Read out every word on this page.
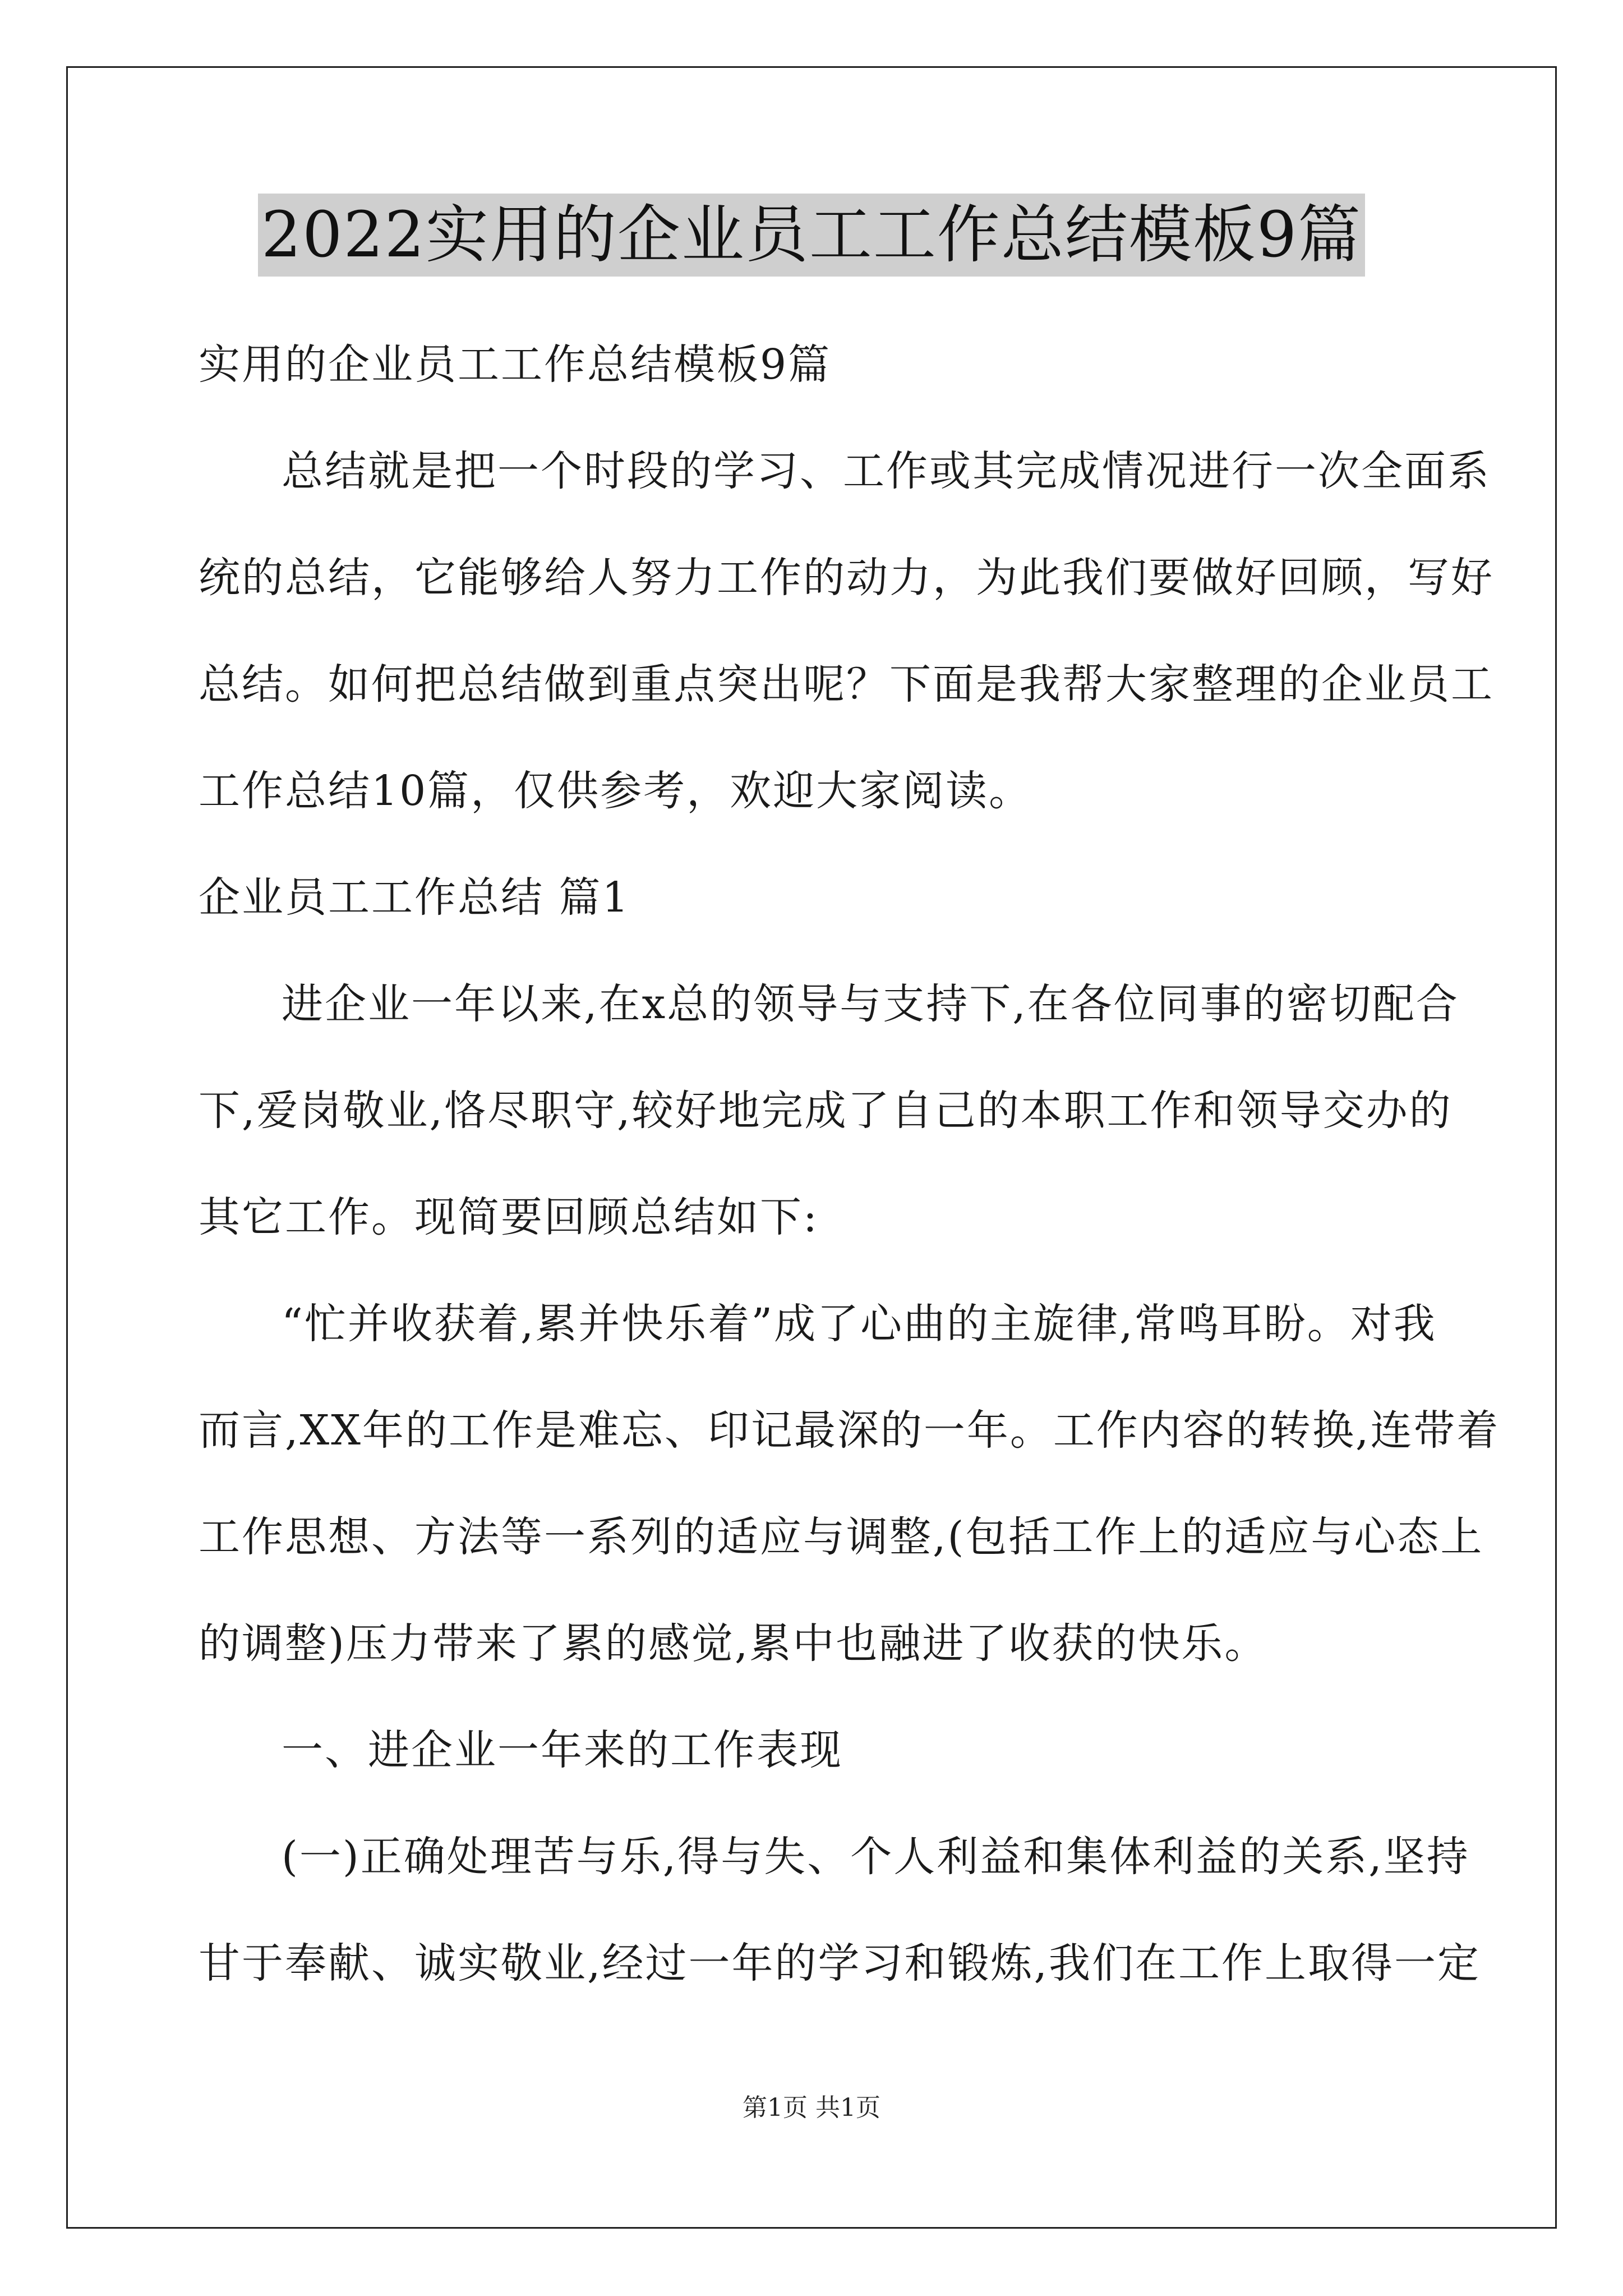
2022实用的企业员工工作总结模板9篇
实用的企业员工工作总结模板9篇
总结就是把一个时段的学习、工作或其完成情况进行一次全面系
统的总结，它能够给人努力工作的动力，为此我们要做好回顾，写好
总结。如何把总结做到重点突出呢？下面是我帮大家整理的企业员工
工作总结10篇，仅供参考，欢迎大家阅读。
企业员工工作总结 篇1
进企业一年以来,在x总的领导与支持下,在各位同事的密切配合
下,爱岗敬业,恪尽职守,较好地完成了自己的本职工作和领导交办的
其它工作。现简要回顾总结如下:
“忙并收获着,累并快乐着”成了心曲的主旋律,常鸣耳盼。对我
而言,XX年的工作是难忘、印记最深的一年。工作内容的转换,连带着
工作思想、方法等一系列的适应与调整,(包括工作上的适应与心态上
的调整)压力带来了累的感觉,累中也融进了收获的快乐。
一、进企业一年来的工作表现
(一)正确处理苦与乐,得与失、个人利益和集体利益的关系,坚持
甘于奉献、诚实敬业,经过一年的学习和锻炼,我们在工作上取得一定
第1页 共1页
